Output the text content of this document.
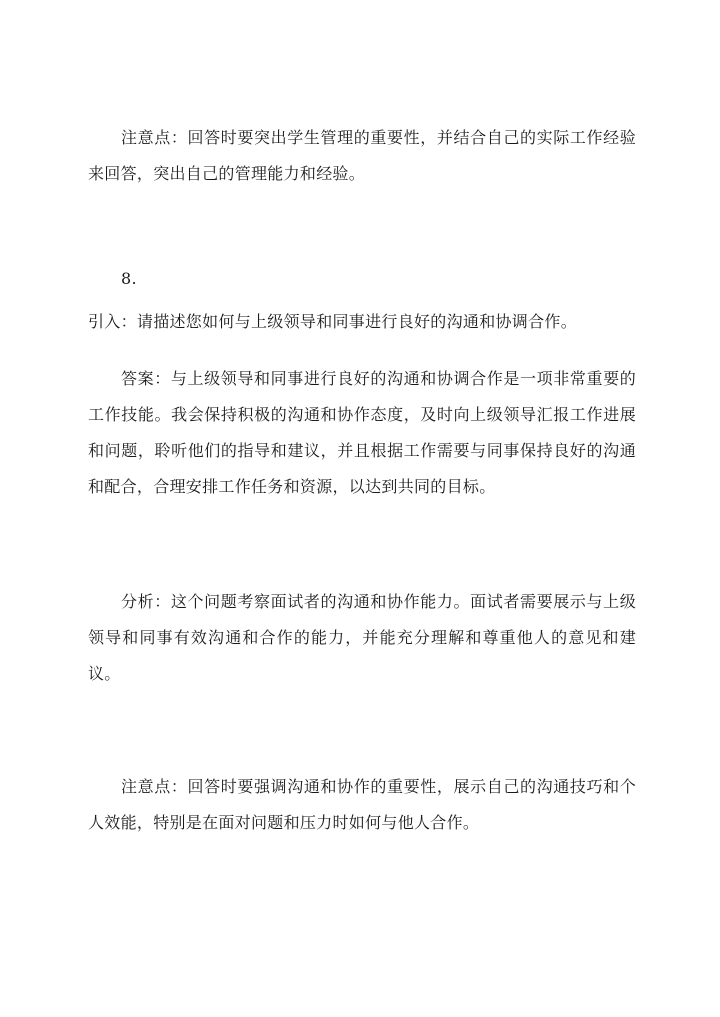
注意点：回答时要突出学生管理的重要性，并结合自己的实际工作经验来回答，突出自己的管理能力和经验。

8.

引入：请描述您如何与上级领导和同事进行良好的沟通和协调合作。

答案：与上级领导和同事进行良好的沟通和协调合作是一项非常重要的工作技能。我会保持积极的沟通和协作态度，及时向上级领导汇报工作进展和问题，聆听他们的指导和建议，并且根据工作需要与同事保持良好的沟通和配合，合理安排工作任务和资源，以达到共同的目标。

分析：这个问题考察面试者的沟通和协作能力。面试者需要展示与上级领导和同事有效沟通和合作的能力，并能充分理解和尊重他人的意见和建议。

注意点：回答时要强调沟通和协作的重要性，展示自己的沟通技巧和个人效能，特别是在面对问题和压力时如何与他人合作。
